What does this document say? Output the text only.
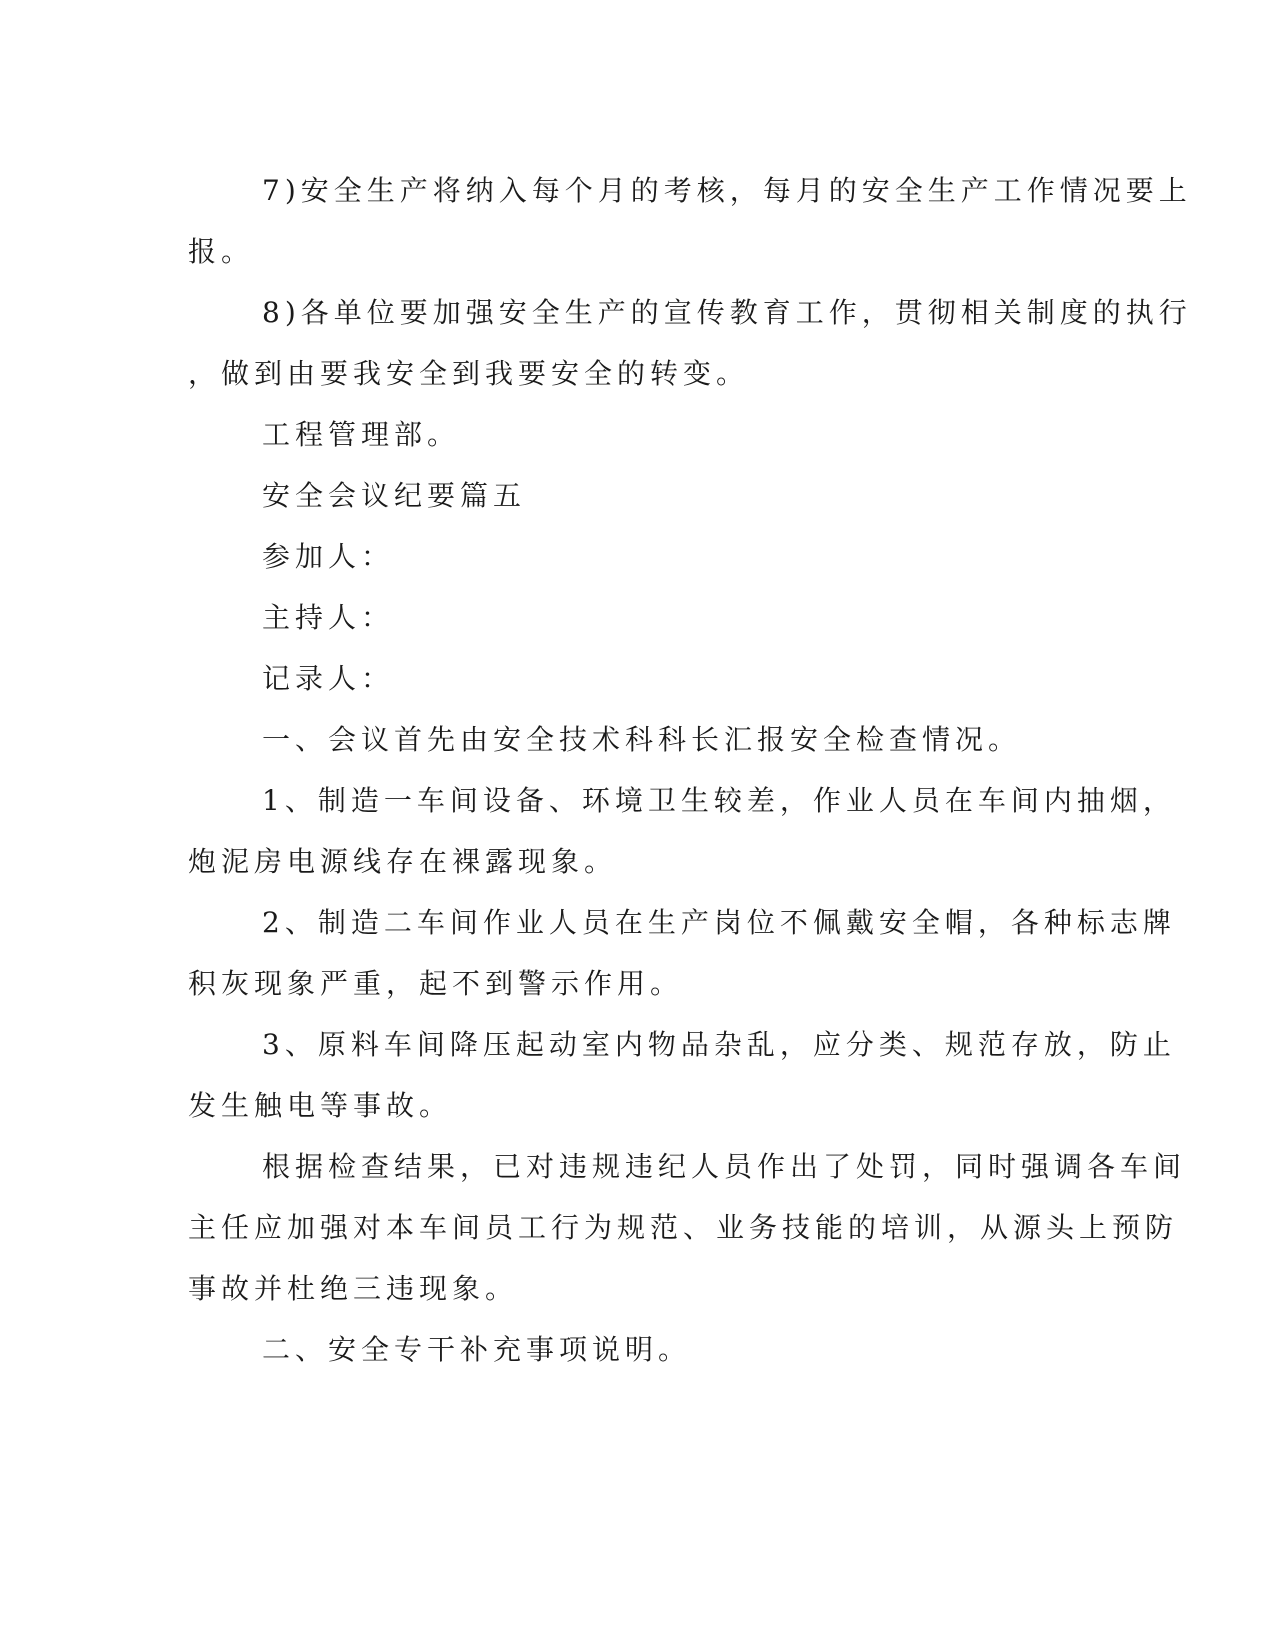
7)安全生产将纳入每个月的考核，每月的安全生产工作情况要上
报。

8)各单位要加强安全生产的宣传教育工作，贯彻相关制度的执行
，做到由要我安全到我要安全的转变。

工程管理部。

安全会议纪要篇五

参加人：

主持人：

记录人：

一、会议首先由安全技术科科长汇报安全检查情况。

1、制造一车间设备、环境卫生较差，作业人员在车间内抽烟，
炮泥房电源线存在裸露现象。

2、制造二车间作业人员在生产岗位不佩戴安全帽，各种标志牌
积灰现象严重，起不到警示作用。

3、原料车间降压起动室内物品杂乱，应分类、规范存放，防止
发生触电等事故。

根据检查结果，已对违规违纪人员作出了处罚，同时强调各车间
主任应加强对本车间员工行为规范、业务技能的培训，从源头上预防
事故并杜绝三违现象。

二、安全专干补充事项说明。
